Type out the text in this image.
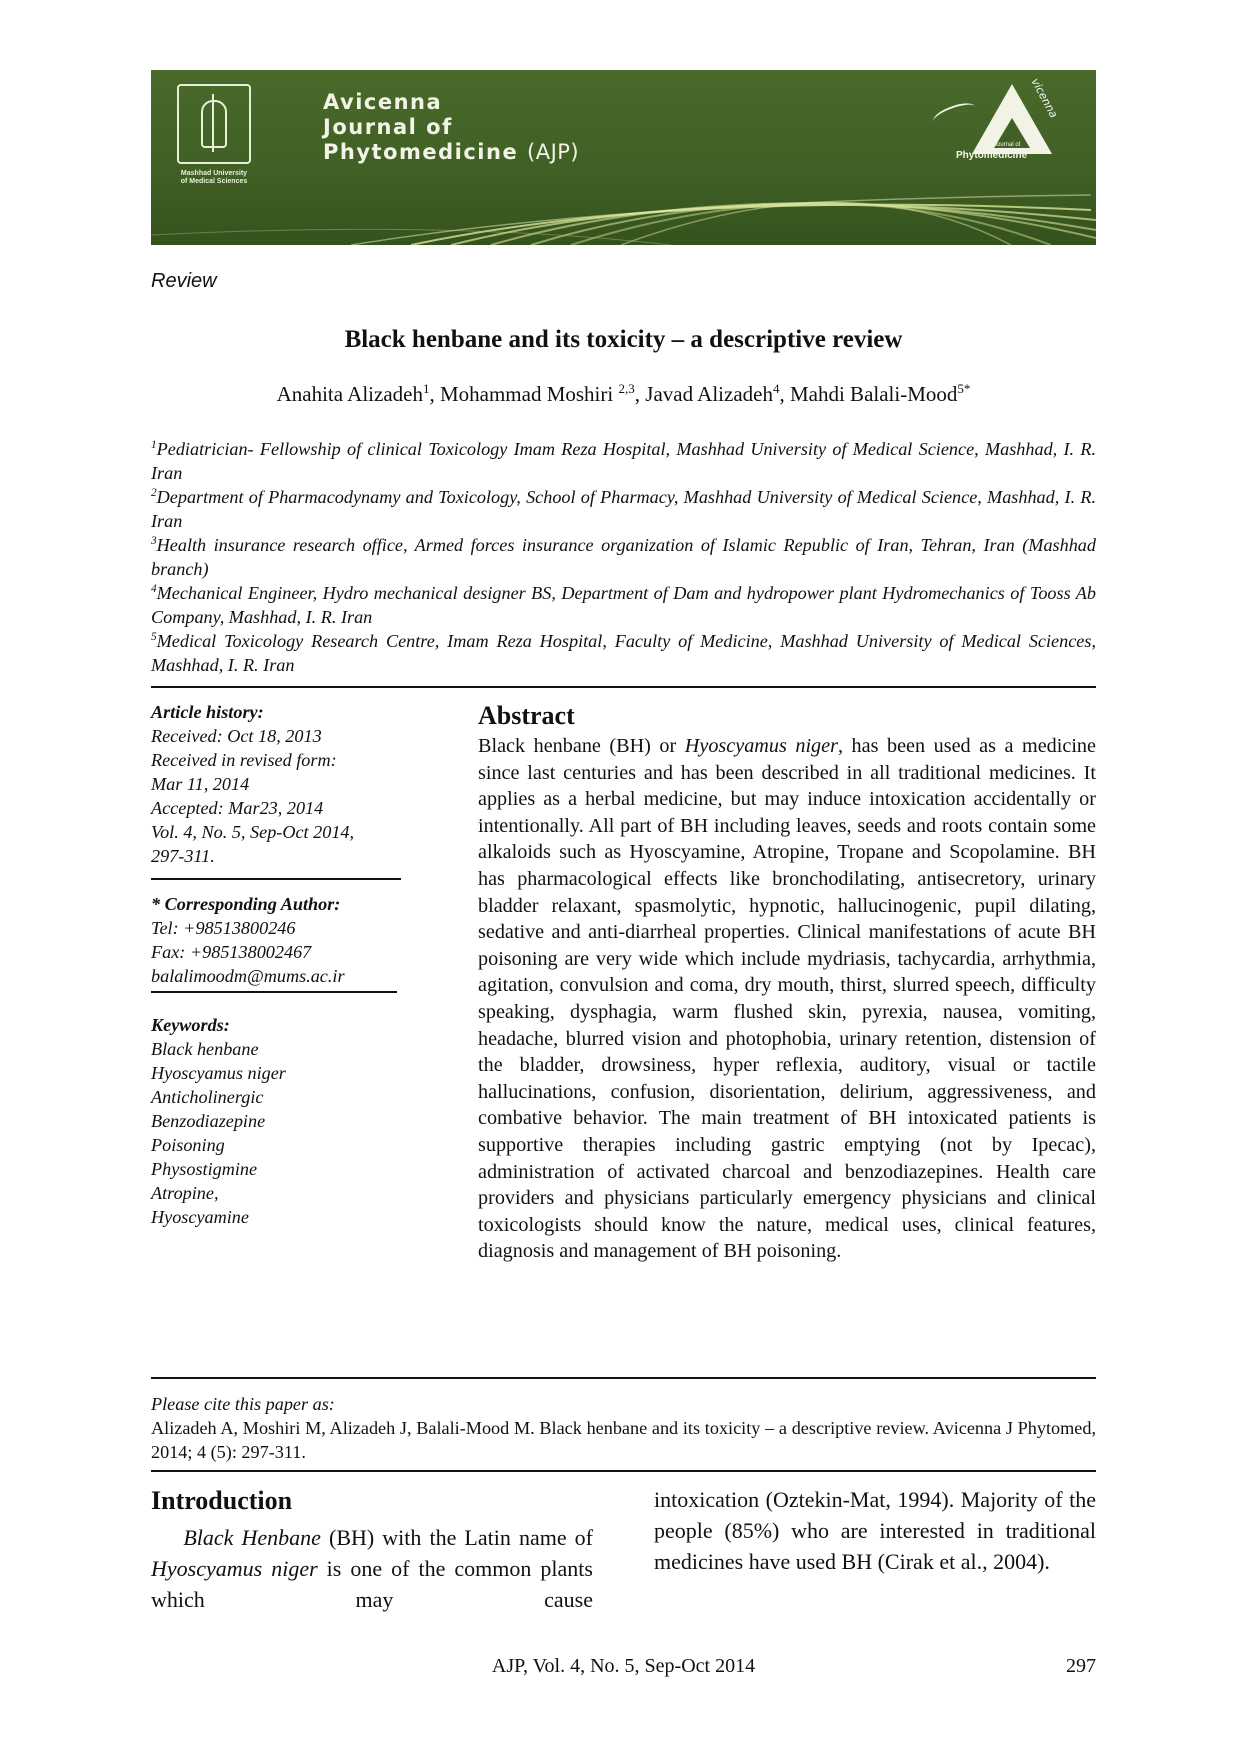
Mashhad University
of Medical Sciences
Avicenna
Journal of
Phytomedicine (AJP)
vicenna
Journal of
Phytomedicine
Review
Black henbane and its toxicity – a descriptive review
Anahita Alizadeh$^1$, Mohammad Moshiri $^{2,3}$, Javad Alizadeh$^4$, Mahdi Balali-Mood$^{5*}$

$^1$Pediatrician- Fellowship of clinical Toxicology Imam Reza Hospital, Mashhad University of Medical Science, Mashhad, I. R. Iran

$^2$Department of Pharmacodynamy and Toxicology, School of Pharmacy, Mashhad University of Medical Science, Mashhad, I. R. Iran

$^3$Health insurance research office, Armed forces insurance organization of Islamic Republic of Iran, Tehran, Iran (Mashhad branch)

$^4$Mechanical Engineer, Hydro mechanical designer BS, Department of Dam and hydropower plant Hydromechanics of Tooss Ab Company, Mashhad, I. R. Iran

$^5$Medical Toxicology Research Centre, Imam Reza Hospital, Faculty of Medicine, Mashhad University of Medical Sciences, Mashhad, I. R. Iran

Article history:
Received: Oct 18, 2013
Received in revised form:
Mar 11, 2014
Accepted: Mar23, 2014
Vol. 4, No. 5, Sep-Oct 2014,
297-311.
* Corresponding Author:
Tel: +98513800246
Fax: +985138002467
balalimoodm@mums.ac.ir
Keywords:
Black henbane
Hyoscyamus niger
Anticholinergic
Benzodiazepine
Poisoning
Physostigmine
Atropine,
Hyoscyamine
Abstract
Black henbane (BH) or Hyoscyamus niger, has been used as a medicine since last centuries and has been described in all traditional medicines. It applies as a herbal medicine, but may induce intoxication accidentally or intentionally. All part of BH including leaves, seeds and roots contain some alkaloids such as Hyoscyamine, Atropine, Tropane and Scopolamine. BH has pharmacological effects like bronchodilating, antisecretory, urinary bladder relaxant, spasmolytic, hypnotic, hallucinogenic, pupil dilating, sedative and anti-diarrheal properties. Clinical manifestations of acute BH poisoning are very wide which include mydriasis, tachycardia, arrhythmia, agitation, convulsion and coma, dry mouth, thirst, slurred speech, difficulty speaking, dysphagia, warm flushed skin, pyrexia, nausea, vomiting, headache, blurred vision and photophobia, urinary retention, distension of the bladder, drowsiness, hyper reflexia, auditory, visual or tactile hallucinations, confusion, disorientation, delirium, aggressiveness, and combative behavior. The main treatment of BH intoxicated patients is supportive therapies including gastric emptying (not by Ipecac), administration of activated charcoal and benzodiazepines. Health care providers and physicians particularly emergency physicians and clinical toxicologists should know the nature, medical uses, clinical features, diagnosis and management of BH poisoning.
Please cite this paper as:
Alizadeh A, Moshiri M, Alizadeh J, Balali-Mood M. Black henbane and its toxicity – a descriptive review. Avicenna J Phytomed, 2014; 4 (5): 297-311.
Introduction

Black Henbane (BH) with the Latin name of Hyoscyamus niger is one of the common plants which may cause

intoxication (Oztekin-Mat, 1994). Majority of the people (85%) who are interested in traditional medicines have used BH (Cirak et al., 2004).

AJP, Vol. 4, No. 5, Sep-Oct 2014	297
